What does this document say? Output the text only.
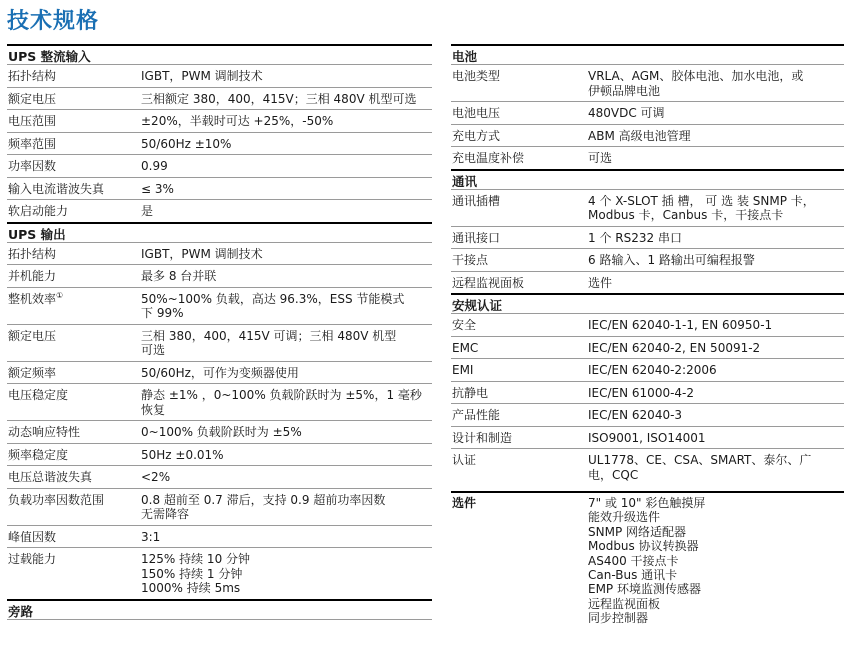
技术规格
UPS 整流输入
拓扑结构	IGBT，PWM 调制技术
额定电压	三相额定 380，400，415V；三相 480V 机型可选
电压范围	±20%，半载时可达 +25%，-50%
频率范围	50/60Hz ±10%
功率因数	0.99
输入电流谐波失真	≤ 3%
软启动能力	是
UPS 输出
拓扑结构	IGBT，PWM 调制技术
并机能力	最多 8 台并联
整机效率①	50%~100% 负载，高达 96.3%，ESS 节能模式
下 99%
额定电压	三相 380，400，415V 可调；三相 480V 机型
可选
额定频率	50/60Hz，可作为变频器使用
电压稳定度	静态 ±1% ，0~100% 负载阶跃时为 ±5%，1 毫秒
恢复
动态响应特性	0~100% 负载阶跃时为 ±5%
频率稳定度	50Hz ±0.01%
电压总谐波失真	<2%
负载功率因数范围	0.8 超前至 0.7 滞后，支持 0.9 超前功率因数
无需降容
峰值因数	3:1
过载能力	125% 持续 10 分钟
150% 持续 1 分钟
1000% 持续 5ms
旁路
电池
电池类型	VRLA、AGM、胶体电池、加水电池，或
伊顿品牌电池
电池电压	480VDC 可调
充电方式	ABM 高级电池管理
充电温度补偿	可选
通讯
通讯插槽	4 个 X-SLOT 插 槽， 可 选 装 SNMP 卡，
Modbus 卡，Canbus 卡，干接点卡
通讯接口	1 个 RS232 串口
干接点	6 路输入、1 路输出可编程报警
远程监视面板	选件
安规认证
安全	IEC/EN 62040-1-1, EN 60950-1
EMC	IEC/EN 62040-2, EN 50091-2
EMI	IEC/EN 62040-2:2006
抗静电	IEC/EN 61000-4-2
产品性能	IEC/EN 62040-3
设计和制造	ISO9001, ISO14001
认证	UL1778、CE、CSA、SMART、泰尔、广
电，CQC
选件	7" 或 10" 彩色触摸屏
能效升级选件
SNMP 网络适配器
Modbus 协议转换器
AS400 干接点卡
Can-Bus 通讯卡
EMP 环境监测传感器
远程监视面板
同步控制器
